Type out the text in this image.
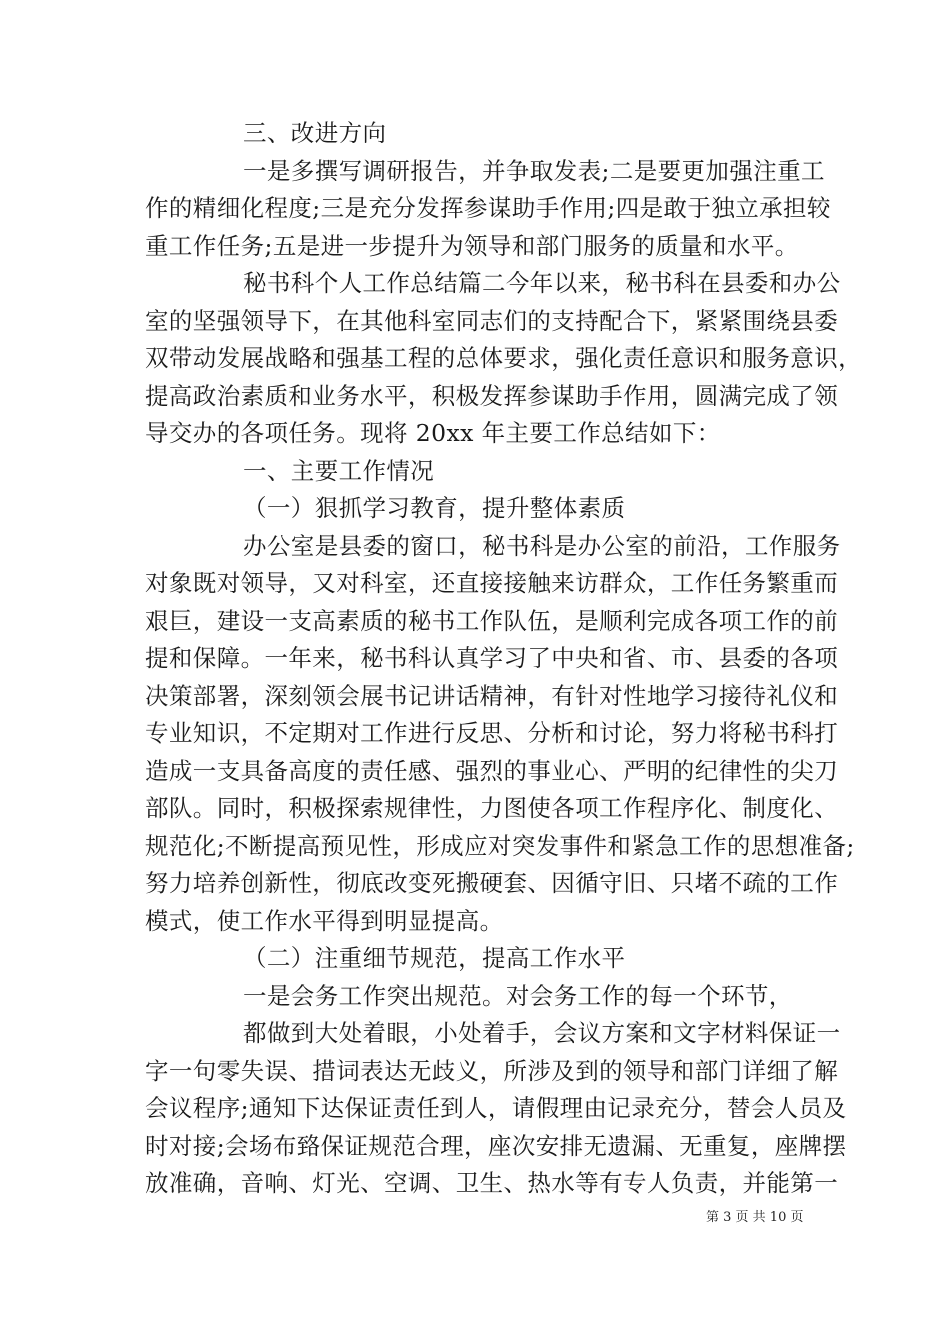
三、改进方向
一是多撰写调研报告，并争取发表;二是要更加强注重工
作的精细化程度;三是充分发挥参谋助手作用;四是敢于独立承担较
重工作任务;五是进一步提升为领导和部门服务的质量和水平。
秘书科个人工作总结篇二今年以来，秘书科在县委和办公
室的坚强领导下，在其他科室同志们的支持配合下，紧紧围绕县委
双带动发展战略和强基工程的总体要求，强化责任意识和服务意识，
提高政治素质和业务水平，积极发挥参谋助手作用，圆满完成了领
导交办的各项任务。现将 20xx 年主要工作总结如下：
一、主要工作情况
（一）狠抓学习教育，提升整体素质
办公室是县委的窗口，秘书科是办公室的前沿，工作服务
对象既对领导，又对科室，还直接接触来访群众，工作任务繁重而
艰巨，建设一支高素质的秘书工作队伍，是顺利完成各项工作的前
提和保障。一年来，秘书科认真学习了中央和省、市、县委的各项
决策部署，深刻领会展书记讲话精神，有针对性地学习接待礼仪和
专业知识，不定期对工作进行反思、分析和讨论，努力将秘书科打
造成一支具备高度的责任感、强烈的事业心、严明的纪律性的尖刀
部队。同时，积极探索规律性，力图使各项工作程序化、制度化、
规范化;不断提高预见性，形成应对突发事件和紧急工作的思想准备;
努力培养创新性，彻底改变死搬硬套、因循守旧、只堵不疏的工作
模式，使工作水平得到明显提高。
（二）注重细节规范，提高工作水平
一是会务工作突出规范。对会务工作的每一个环节，
都做到大处着眼，小处着手，会议方案和文字材料保证一
字一句零失误、措词表达无歧义，所涉及到的领导和部门详细了解
会议程序;通知下达保证责任到人，请假理由记录充分，替会人员及
时对接;会场布臵保证规范合理，座次安排无遗漏、无重复，座牌摆
放准确，音响、灯光、空调、卫生、热水等有专人负责，并能第一
第 3 页 共 10 页
